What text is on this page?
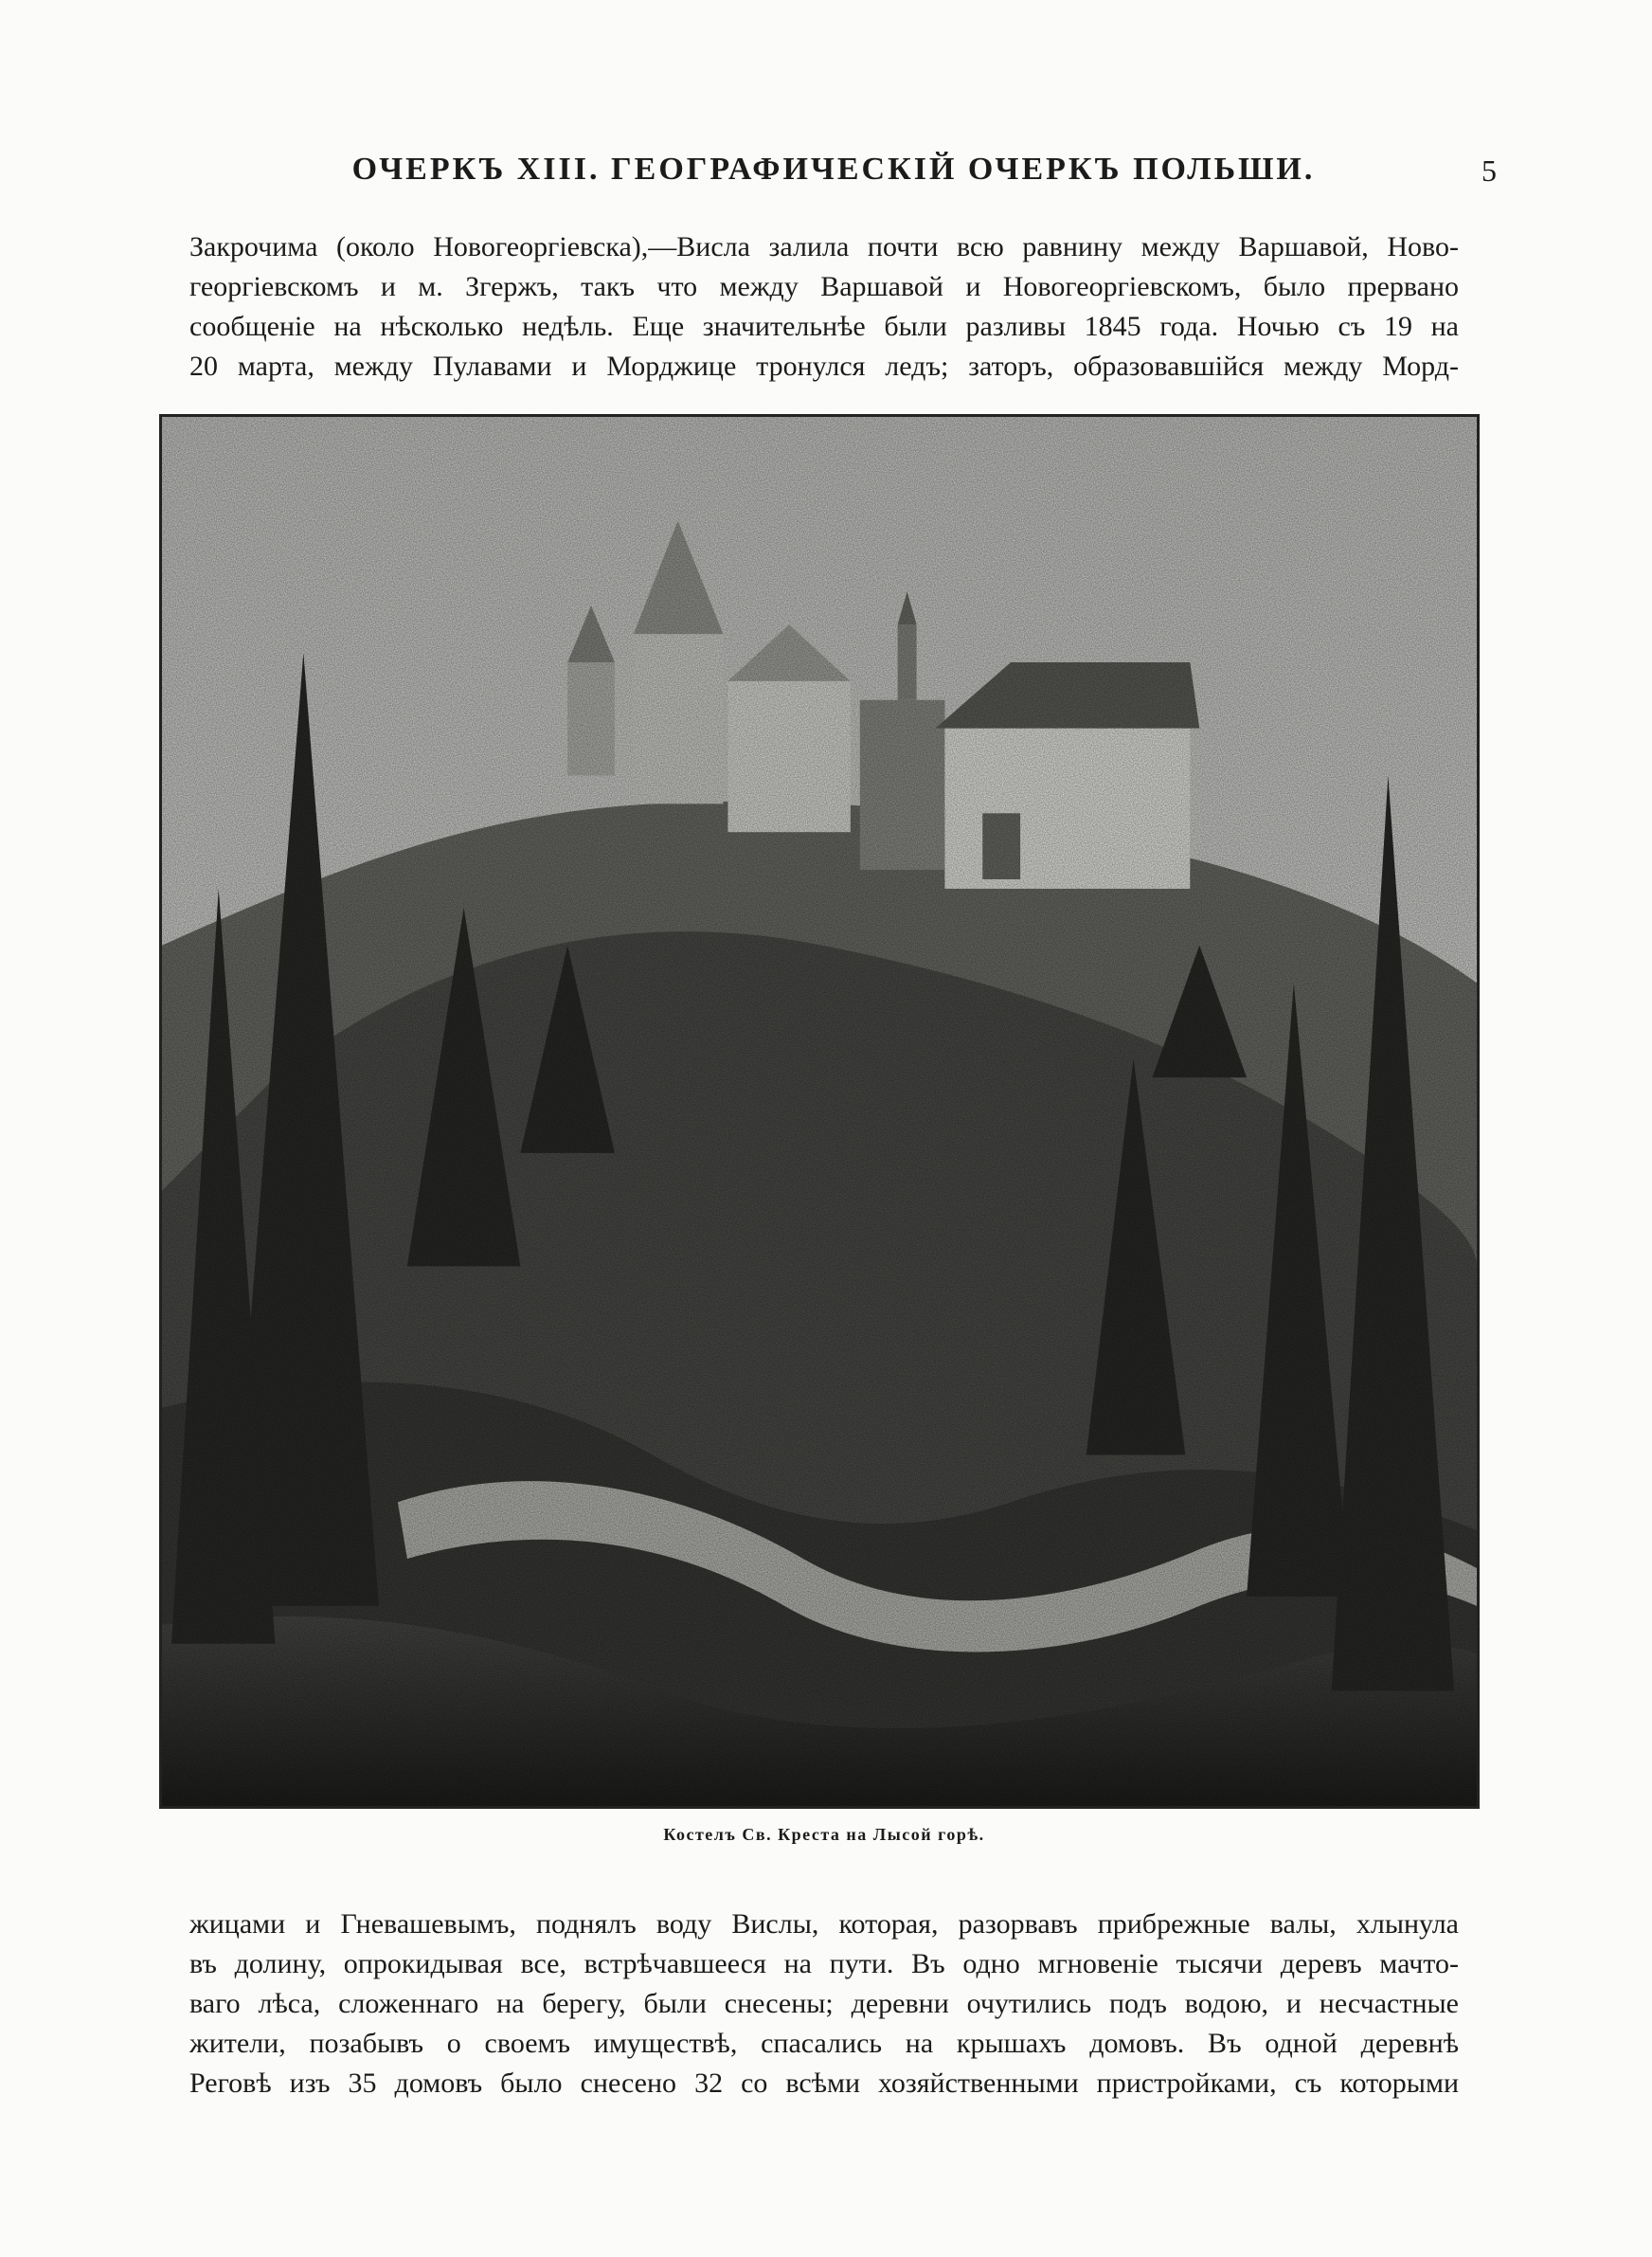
ОЧЕРКЪ XIII. ГЕОГРАФИЧЕСКІЙ ОЧЕРКЪ ПОЛЬШИ.	5

Закрочима (около Новогеоргіевска),—Висла залила почти всю равнину между Варшавой, Ново-
георгіевскомъ и м. Згержъ, такъ что между Варшавой и Новогеоргіевскомъ, было прервано
сообщеніе на нѣсколько недѣль. Еще значительнѣе были разливы 1845 года. Ночью съ 19 на
20 марта, между Пулавами и Морджице тронулся ледъ; заторъ, образовавшійся между Морд-

Костелъ Св. Креста на Лысой горѣ.

жицами и Гневашевымъ, поднялъ воду Вислы, которая, разорвавъ прибрежные валы, хлынула
въ долину, опрокидывая все, встрѣчавшееся на пути. Въ одно мгновеніе тысячи деревъ мачто-
ваго лѣса, сложеннаго на берегу, были снесены; деревни очутились подъ водою, и несчастные
жители, позабывъ о своемъ имуществѣ, спасались на крышахъ домовъ. Въ одной деревнѣ
Реговѣ изъ 35 домовъ было снесено 32 со всѣми хозяйственными пристройками, съ которыми
